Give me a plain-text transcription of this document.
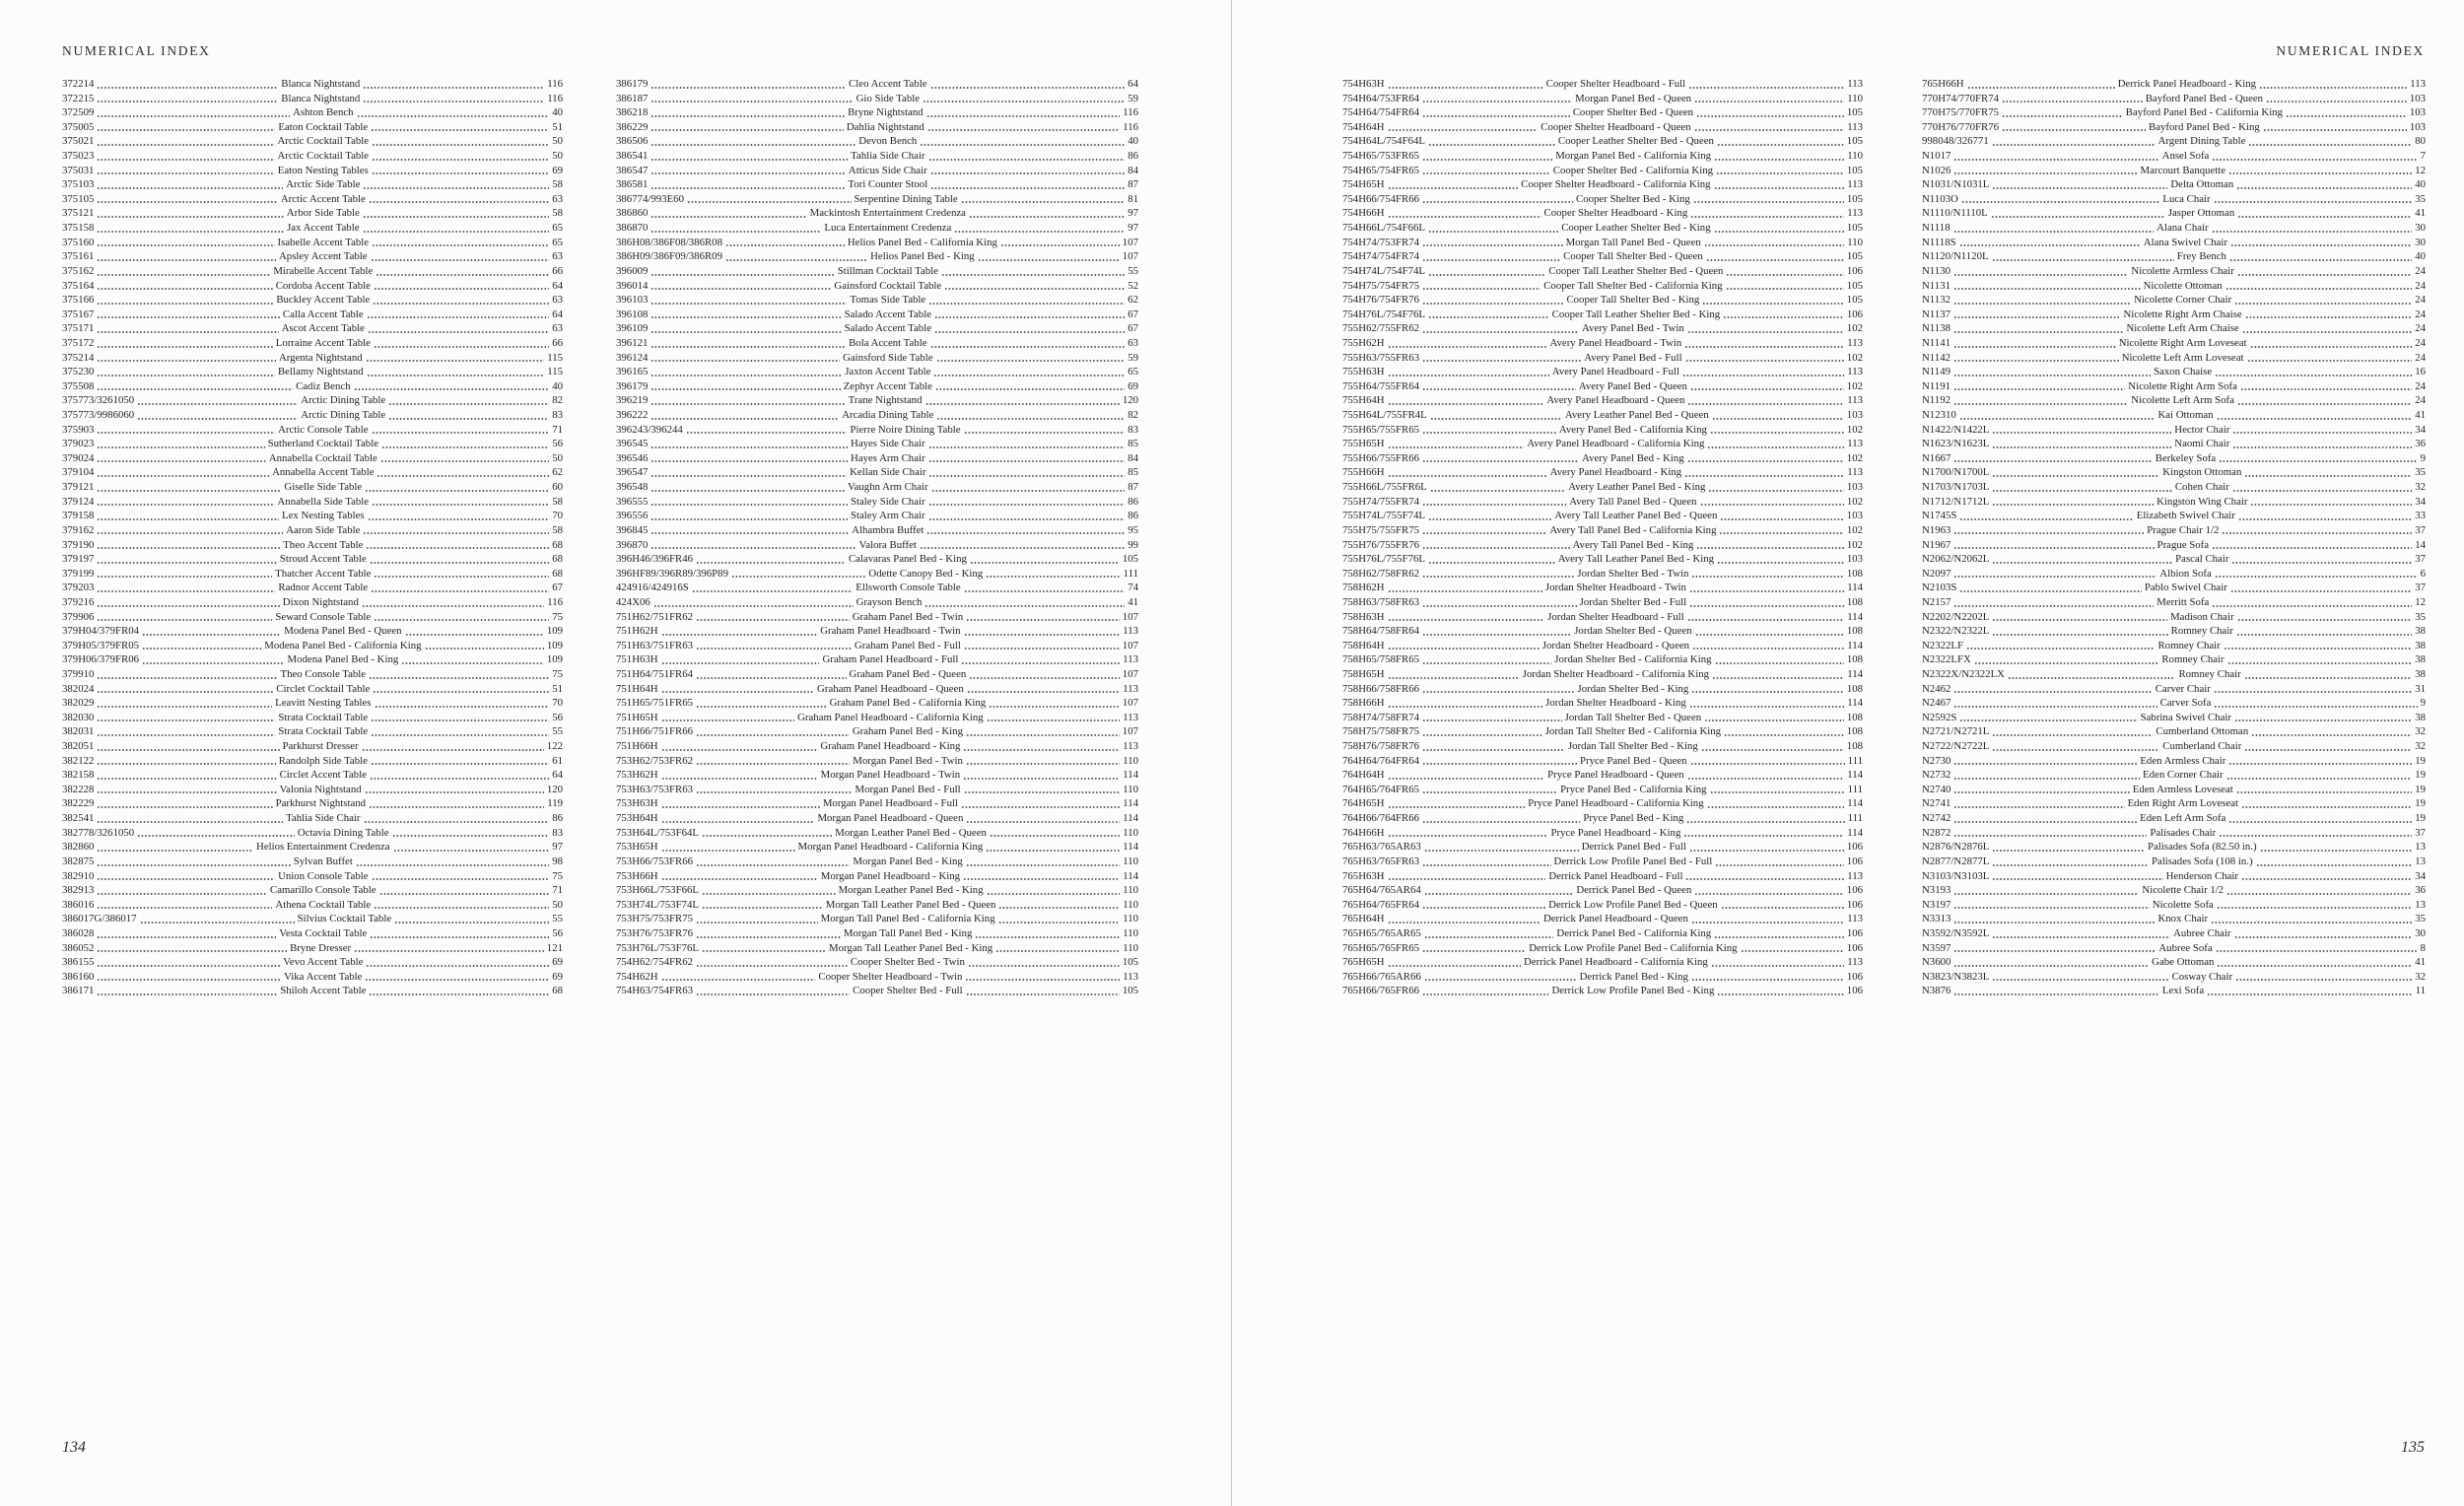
NUMERICAL INDEX	NUMERICAL INDEX
372214	Blanca Nightstand	116
372215	Blanca Nightstand	116
372509	Ashton Bench	40
375005	Eaton Cocktail Table	51
375021	Arctic Cocktail Table	50
375023	Arctic Cocktail Table	50
375031	Eaton Nesting Tables	69
375103	Arctic Side Table	58
375105	Arctic Accent Table	63
375121	Arbor Side Table	58
375158	Jax Accent Table	65
375160	Isabelle Accent Table	65
375161	Apsley Accent Table	63
375162	Mirabelle Accent Table	66
375164	Cordoba Accent Table	64
375166	Buckley Accent Table	63
375167	Calla Accent Table	64
375171	Ascot Accent Table	63
375172	Lorraine Accent Table	66
375214	Argenta Nightstand	115
375230	Bellamy Nightstand	115
375508	Cadiz Bench	40
375773/3261050	Arctic Dining Table	82
375773/9986060	Arctic Dining Table	83
375903	Arctic Console Table	71
379023	Sutherland Cocktail Table	56
379024	Annabella Cocktail Table	50
379104	Annabella Accent Table	62
379121	Giselle Side Table	60
379124	Annabella Side Table	58
379158	Lex Nesting Tables	70
379162	Aaron Side Table	58
379190	Theo Accent Table	68
379197	Stroud Accent Table	68
379199	Thatcher Accent Table	68
379203	Radnor Accent Table	67
379216	Dixon Nightstand	116
379906	Seward Console Table	75
379H04/379FR04	Modena Panel Bed - Queen	109
379H05/379FR05	Modena Panel Bed - California King	109
379H06/379FR06	Modena Panel Bed - King	109
379910	Theo Console Table	75
382024	Circlet Cocktail Table	51
382029	Leavitt Nesting Tables	70
382030	Strata Cocktail Table	56
382031	Strata Cocktail Table	55
382051	Parkhurst Dresser	122
382122	Randolph Side Table	61
382158	Circlet Accent Table	64
382228	Valonia Nightstand	120
382229	Parkhurst Nightstand	119
382541	Tahlia Side Chair	86
382778/3261050	Octavia Dining Table	83
382860	Helios Entertainment Credenza	97
382875	Sylvan Buffet	98
382910	Union Console Table	75
382913	Camarillo Console Table	71
386016	Athena Cocktail Table	50
386017G/386017	Silvius Cocktail Table	55
386028	Vesta Cocktail Table	56
386052	Bryne Dresser	121
386155	Vevo Accent Table	69
386160	Vika Accent Table	69
386171	Shiloh Accent Table	68
386179	Cleo Accent Table	64
386187	Gio Side Table	59
386218	Bryne Nightstand	116
386229	Dahlia Nightstand	116
386506	Devon Bench	40
386541	Tahlia Side Chair	86
386547	Atticus Side Chair	84
386581	Tori Counter Stool	87
386774/993E60	Serpentine Dining Table	81
386860	Mackintosh Entertainment Credenza	97
386870	Luca Entertainment Credenza	97
386H08/386F08/386R08	Helios Panel Bed - California King	107
386H09/386F09/386R09	Helios Panel Bed - King	107
396009	Stillman Cocktail Table	55
396014	Gainsford Cocktail Table	52
396103	Tomas Side Table	62
396108	Salado Accent Table	67
396109	Salado Accent Table	67
396121	Bola Accent Table	63
396124	Gainsford Side Table	59
396165	Jaxton Accent Table	65
396179	Zephyr Accent Table	69
396219	Trane Nightstand	120
396222	Arcadia Dining Table	82
396243/396244	Pierre Noire Dining Table	83
396545	Hayes Side Chair	85
396546	Hayes Arm Chair	84
396547	Kellan Side Chair	85
396548	Vaughn Arm Chair	87
396555	Staley Side Chair	86
396556	Staley Arm Chair	86
396845	Alhambra Buffet	95
396870	Valora Buffet	99
396H46/396FR46	Calavaras Panel Bed - King	105
396HF89/396R89/396P89	Odette Canopy Bed - King	111
424916/424916S	Ellsworth Console Table	74
424X06	Grayson Bench	41
751H62/751FR62	Graham Panel Bed - Twin	107
751H62H	Graham Panel Headboard - Twin	113
751H63/751FR63	Graham Panel Bed - Full	107
751H63H	Graham Panel Headboard - Full	113
751H64/751FR64	Graham Panel Bed - Queen	107
751H64H	Graham Panel Headboard - Queen	113
751H65/751FR65	Graham Panel Bed - California King	107
751H65H	Graham Panel Headboard - California King	113
751H66/751FR66	Graham Panel Bed - King	107
751H66H	Graham Panel Headboard - King	113
753H62/753FR62	Morgan Panel Bed - Twin	110
753H62H	Morgan Panel Headboard - Twin	114
753H63/753FR63	Morgan Panel Bed - Full	110
753H63H	Morgan Panel Headboard - Full	114
753H64H	Morgan Panel Headboard - Queen	114
753H64L/753F64L	Morgan Leather Panel Bed - Queen	110
753H65H	Morgan Panel Headboard - California King	114
753H66/753FR66	Morgan Panel Bed - King	110
753H66H	Morgan Panel Headboard - King	114
753H66L/753F66L	Morgan Leather Panel Bed - King	110
753H74L/753F74L	Morgan Tall Leather Panel Bed - Queen	110
753H75/753FR75	Morgan Tall Panel Bed - California King	110
753H76/753FR76	Morgan Tall Panel Bed - King	110
753H76L/753F76L	Morgan Tall Leather Panel Bed - King	110
754H62/754FR62	Cooper Shelter Bed - Twin	105
754H62H	Cooper Shelter Headboard - Twin	113
754H63/754FR63	Cooper Shelter Bed - Full	105
754H63H	Cooper Shelter Headboard - Full	113
754H64/753FR64	Morgan Panel Bed - Queen	110
754H64/754FR64	Cooper Shelter Bed - Queen	105
754H64H	Cooper Shelter Headboard - Queen	113
754H64L/754F64L	Cooper Leather Shelter Bed - Queen	105
754H65/753FR65	Morgan Panel Bed - California King	110
754H65/754FR65	Cooper Shelter Bed - California King	105
754H65H	Cooper Shelter Headboard - California King	113
754H66/754FR66	Cooper Shelter Bed - King	105
754H66H	Cooper Shelter Headboard - King	113
754H66L/754F66L	Cooper Leather Shelter Bed - King	105
754H74/753FR74	Morgan Tall Panel Bed - Queen	110
754H74/754FR74	Cooper Tall Shelter Bed - Queen	105
754H74L/754F74L	Cooper Tall Leather Shelter Bed - Queen	106
754H75/754FR75	Cooper Tall Shelter Bed - California King	105
754H76/754FR76	Cooper Tall Shelter Bed - King	105
754H76L/754F76L	Cooper Tall Leather Shelter Bed - King	106
755H62/755FR62	Avery Panel Bed - Twin	102
755H62H	Avery Panel Headboard - Twin	113
755H63/755FR63	Avery Panel Bed - Full	102
755H63H	Avery Panel Headboard - Full	113
755H64/755FR64	Avery Panel Bed - Queen	102
755H64H	Avery Panel Headboard - Queen	113
755H64L/755FR4L	Avery Leather Panel Bed - Queen	103
755H65/755FR65	Avery Panel Bed - California King	102
755H65H	Avery Panel Headboard - California King	113
755H66/755FR66	Avery Panel Bed - King	102
755H66H	Avery Panel Headboard - King	113
755H66L/755FR6L	Avery Leather Panel Bed - King	103
755H74/755FR74	Avery Tall Panel Bed - Queen	102
755H74L/755F74L	Avery Tall Leather Panel Bed - Queen	103
755H75/755FR75	Avery Tall Panel Bed - California King	102
755H76/755FR76	Avery Tall Panel Bed - King	102
755H76L/755F76L	Avery Tall Leather Panel Bed - King	103
758H62/758FR62	Jordan Shelter Bed - Twin	108
758H62H	Jordan Shelter Headboard - Twin	114
758H63/758FR63	Jordan Shelter Bed - Full	108
758H63H	Jordan Shelter Headboard - Full	114
758H64/758FR64	Jordan Shelter Bed - Queen	108
758H64H	Jordan Shelter Headboard - Queen	114
758H65/758FR65	Jordan Shelter Bed - California King	108
758H65H	Jordan Shelter Headboard - California King	114
758H66/758FR66	Jordan Shelter Bed - King	108
758H66H	Jordan Shelter Headboard - King	114
758H74/758FR74	Jordan Tall Shelter Bed - Queen	108
758H75/758FR75	Jordan Tall Shelter Bed - California King	108
758H76/758FR76	Jordan Tall Shelter Bed - King	108
764H64/764FR64	Pryce Panel Bed - Queen	111
764H64H	Pryce Panel Headboard - Queen	114
764H65/764FR65	Pryce Panel Bed - California King	111
764H65H	Pryce Panel Headboard - California King	114
764H66/764FR66	Pryce Panel Bed - King	111
764H66H	Pryce Panel Headboard - King	114
765H63/765AR63	Derrick Panel Bed - Full	106
765H63/765FR63	Derrick Low Profile Panel Bed - Full	106
765H63H	Derrick Panel Headboard - Full	113
765H64/765AR64	Derrick Panel Bed - Queen	106
765H64/765FR64	Derrick Low Profile Panel Bed - Queen	106
765H64H	Derrick Panel Headboard - Queen	113
765H65/765AR65	Derrick Panel Bed - California King	106
765H65/765FR65	Derrick Low Profile Panel Bed - California King	106
765H65H	Derrick Panel Headboard - California King	113
765H66/765AR66	Derrick Panel Bed - King	106
765H66/765FR66	Derrick Low Profile Panel Bed - King	106
765H66H	Derrick Panel Headboard - King	113
770H74/770FR74	Bayford Panel Bed - Queen	103
770H75/770FR75	Bayford Panel Bed - California King	103
770H76/770FR76	Bayford Panel Bed - King	103
998048/326771	Argent Dining Table	80
N1017	Ansel Sofa	7
N1026	Marcourt Banquette	12
N1031/N1031L	Delta Ottoman	40
N1103O	Luca Chair	35
N1110/N1110L	Jasper Ottoman	41
N1118	Alana Chair	30
N1118S	Alana Swivel Chair	30
N1120/N1120L	Frey Bench	40
N1130	Nicolette Armless Chair	24
N1131	Nicolette Ottoman	24
N1132	Nicolette Corner Chair	24
N1137	Nicolette Right Arm Chaise	24
N1138	Nicolette Left Arm Chaise	24
N1141	Nicolette Right Arm Loveseat	24
N1142	Nicolette Left Arm Loveseat	24
N1149	Saxon Chaise	16
N1191	Nicolette Right Arm Sofa	24
N1192	Nicolette Left Arm Sofa	24
N12310	Kai Ottoman	41
N1422/N1422L	Hector Chair	34
N1623/N1623L	Naomi Chair	36
N1667	Berkeley Sofa	9
N1700/N1700L	Kingston Ottoman	35
N1703/N1703L	Cohen Chair	32
N1712/N1712L	Kingston Wing Chair	34
N1745S	Elizabeth Swivel Chair	33
N1963	Prague Chair 1/2	37
N1967	Prague Sofa	14
N2062/N2062L	Pascal Chair	37
N2097	Albion Sofa	6
N2103S	Pablo Swivel Chair	37
N2157	Merritt Sofa	12
N2202/N2202L	Madison Chair	35
N2322/N2322L	Romney Chair	38
N2322LF	Romney Chair	38
N2322LFX	Romney Chair	38
N2322X/N2322LX	Romney Chair	38
N2462	Carver Chair	31
N2467	Carver Sofa	9
N2592S	Sabrina Swivel Chair	38
N2721/N2721L	Cumberland Ottoman	32
N2722/N2722L	Cumberland Chair	32
N2730	Eden Armless Chair	19
N2732	Eden Corner Chair	19
N2740	Eden Armless Loveseat	19
N2741	Eden Right Arm Loveseat	19
N2742	Eden Left Arm Sofa	19
N2872	Palisades Chair	37
N2876/N2876L	Palisades Sofa (82.50 in.)	13
N2877/N2877L	Palisades Sofa (108 in.)	13
N3103/N3103L	Henderson Chair	34
N3193	Nicolette Chair 1/2	36
N3197	Nicolette Sofa	13
N3313	Knox Chair	35
N3592/N3592L	Aubree Chair	30
N3597	Aubree Sofa	8
N3600	Gabe Ottoman	41
N3823/N3823L	Cosway Chair	32
N3876	Lexi Sofa	11
134	135
